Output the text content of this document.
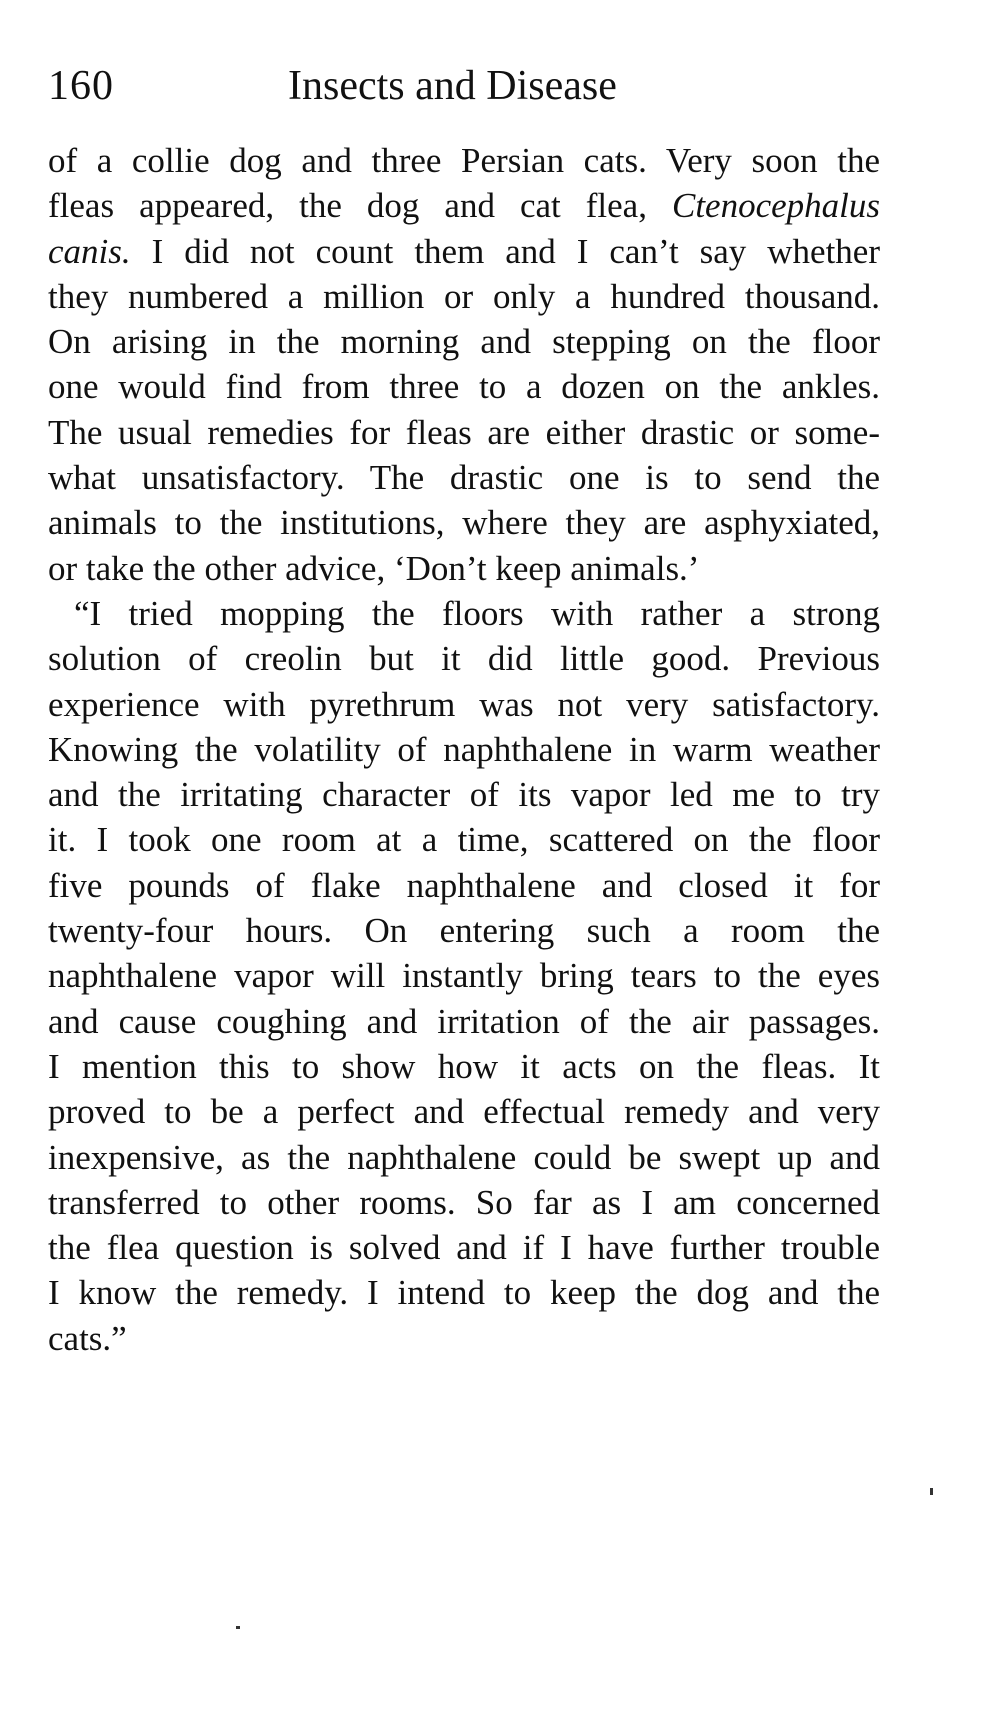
160	Insects and Disease
of a collie dog and three Persian cats. Very soon the
fleas appeared, the dog and cat flea, Ctenocephalus
canis. I did not count them and I can’t say whether
they numbered a million or only a hundred thousand.
On arising in the morning and stepping on the floor
one would find from three to a dozen on the ankles.
The usual remedies for fleas are either drastic or some-
what unsatisfactory. The drastic one is to send the
animals to the institutions, where they are asphyxiated,
or take the other advice, ‘Don’t keep animals.’
“I tried mopping the floors with rather a strong
solution of creolin but it did little good. Previous
experience with pyrethrum was not very satisfactory.
Knowing the volatility of naphthalene in warm weather
and the irritating character of its vapor led me to try
it. I took one room at a time, scattered on the floor
five pounds of flake naphthalene and closed it for
twenty-four hours. On entering such a room the
naphthalene vapor will instantly bring tears to the eyes
and cause coughing and irritation of the air passages.
I mention this to show how it acts on the fleas. It
proved to be a perfect and effectual remedy and very
inexpensive, as the naphthalene could be swept up and
transferred to other rooms. So far as I am concerned
the flea question is solved and if I have further trouble
I know the remedy. I intend to keep the dog and the
cats.”
